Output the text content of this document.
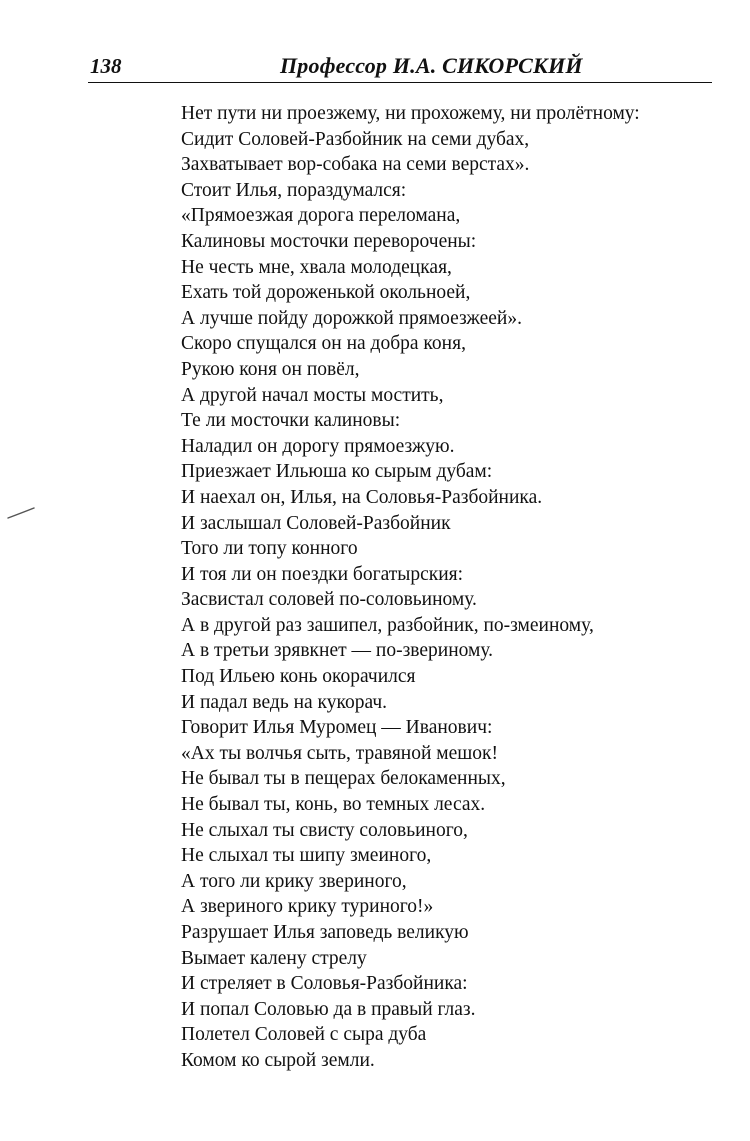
138	Профессор И.А. СИКОРСКИЙ
Нет пути ни проезжему, ни прохожему, ни пролётному:
Сидит Соловей-Разбойник на семи дубах,
Захватывает вор-собака на семи верстах».
Стоит Илья, пораздумался:
«Прямоезжая дорога переломана,
Калиновы мосточки переворочены:
Не честь мне, хвала молодецкая,
Ехать той дороженькой окольноей,
А лучше пойду дорожкой прямоезжеей».
Скоро спущался он на добра коня,
Рукою коня он повёл,
А другой начал мосты мостить,
Те ли мосточки калиновы:
Наладил он дорогу прямоезжую.
Приезжает Ильюша ко сырым дубам:
И наехал он, Илья, на Соловья-Разбойника.
И заслышал Соловей-Разбойник
Того ли топу конного
И тоя ли он поездки богатырския:
Засвистал соловей по-соловьиному.
А в другой раз зашипел, разбойник, по-змеиному,
А в третьи зрявкнет — по-звериному.
Под Ильею конь окорачился
И падал ведь на кукорач.
Говорит Илья Муромец — Иванович:
«Ах ты волчья сыть, травяной мешок!
Не бывал ты в пещерах белокаменных,
Не бывал ты, конь, во темных лесах.
Не слыхал ты свисту соловьиного,
Не слыхал ты шипу змеиного,
А того ли крику звериного,
А звериного крику туриного!»
Разрушает Илья заповедь великую
Вымает калену стрелу
И стреляет в Соловья-Разбойника:
И попал Соловью да в правый глаз.
Полетел Соловей с сыра дуба
Комом ко сырой земли.
